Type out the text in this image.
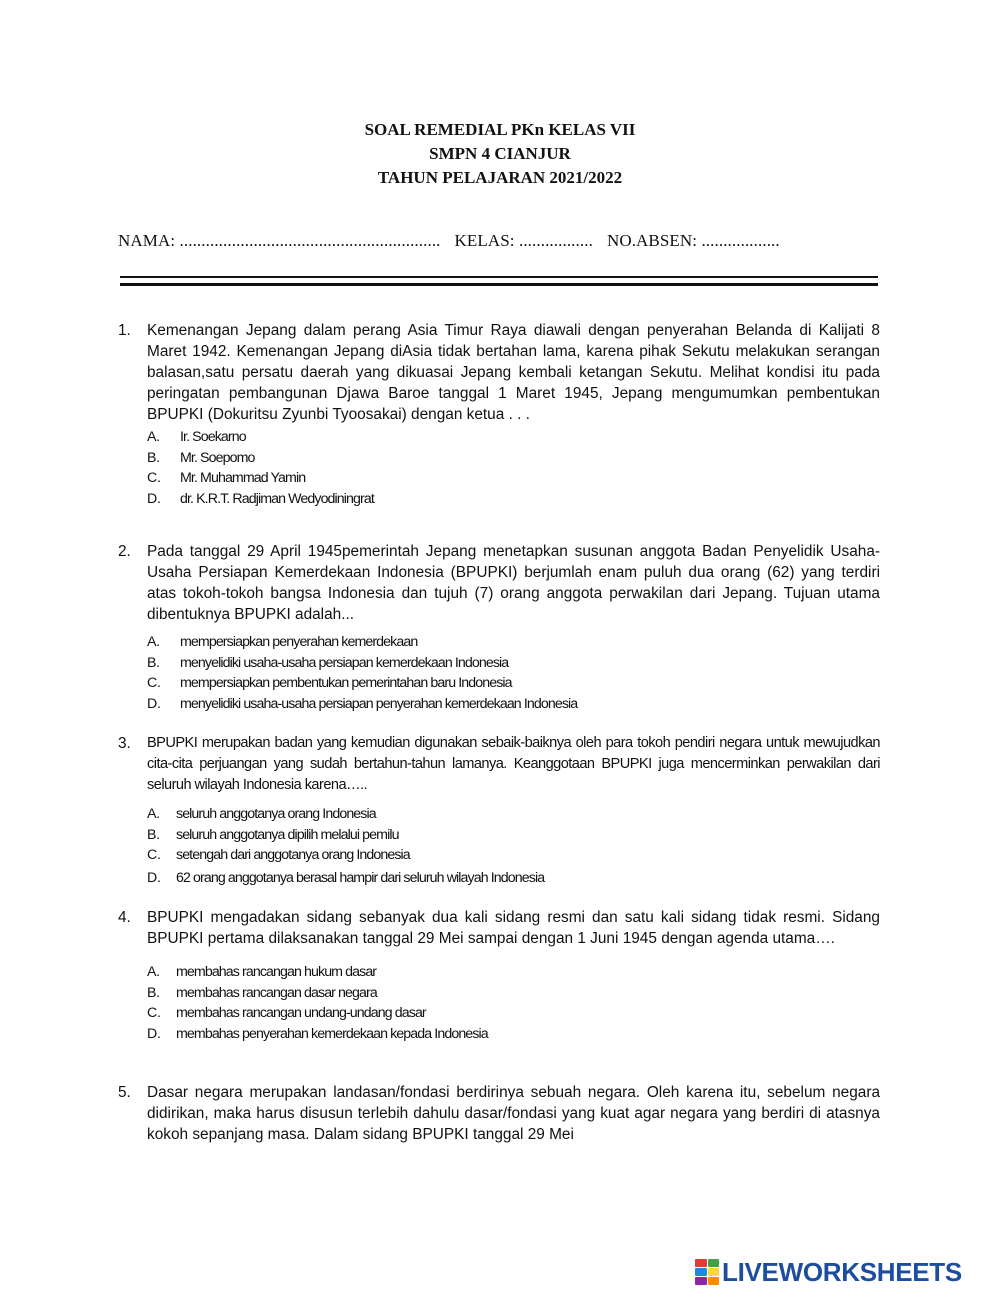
SOAL REMEDIAL PKn KELAS VII
SMPN 4 CIANJUR
TAHUN PELAJARAN 2021/2022
NAMA: ............................................................ KELAS: ................. NO.ABSEN: ..................
1.	Kemenangan Jepang dalam perang Asia Timur Raya diawali dengan penyerahan Belanda di Kalijati 8 Maret 1942. Kemenangan Jepang diAsia tidak bertahan lama, karena pihak Sekutu melakukan serangan balasan,satu persatu daerah yang dikuasai Jepang kembali ketangan Sekutu. Melihat kondisi itu pada peringatan pembangunan Djawa Baroe tanggal 1 Maret 1945, Jepang mengumumkan pembentukan BPUPKI (Dokuritsu Zyunbi Tyoosakai) dengan ketua . . .
A.	Ir. Soekarno
B.	Mr. Soepomo
C.	Mr. Muhammad Yamin
D.	dr. K.R.T. Radjiman Wedyodiningrat
2.	Pada tanggal 29 April 1945pemerintah Jepang menetapkan susunan anggota Badan Penyelidik Usaha-Usaha Persiapan Kemerdekaan Indonesia (BPUPKI) berjumlah enam puluh dua orang (62) yang terdiri atas tokoh-tokoh bangsa Indonesia dan tujuh (7) orang anggota perwakilan dari Jepang. Tujuan utama dibentuknya BPUPKI adalah...
A.	mempersiapkan penyerahan kemerdekaan
B.	menyelidiki usaha-usaha persiapan kemerdekaan Indonesia
C.	mempersiapkan pembentukan pemerintahan baru Indonesia
D.	menyelidiki usaha-usaha persiapan penyerahan kemerdekaan Indonesia
3.	BPUPKI merupakan badan yang kemudian digunakan sebaik-baiknya oleh para tokoh pendiri negara untuk mewujudkan cita-cita perjuangan yang sudah bertahun-tahun lamanya. Keanggotaan BPUPKI juga mencerminkan perwakilan dari seluruh wilayah Indonesia karena…..
A.	seluruh anggotanya orang Indonesia
B.	seluruh anggotanya dipilih melalui pemilu
C.	setengah dari anggotanya orang Indonesia
D.	62 orang anggotanya berasal hampir dari seluruh wilayah Indonesia
4.	BPUPKI mengadakan sidang sebanyak dua kali sidang resmi dan satu kali sidang tidak resmi. Sidang BPUPKI pertama dilaksanakan tanggal 29 Mei sampai dengan 1 Juni 1945 dengan agenda utama….
A.	membahas rancangan hukum dasar
B.	membahas rancangan dasar negara
C.	membahas rancangan undang-undang dasar
D.	membahas penyerahan kemerdekaan kepada Indonesia
5.	Dasar negara merupakan landasan/fondasi berdirinya sebuah negara. Oleh karena itu, sebelum negara didirikan, maka harus disusun terlebih dahulu dasar/fondasi yang kuat agar negara yang berdiri di atasnya kokoh sepanjang masa. Dalam sidang BPUPKI tanggal 29 Mei
LIVEWORKSHEETS
